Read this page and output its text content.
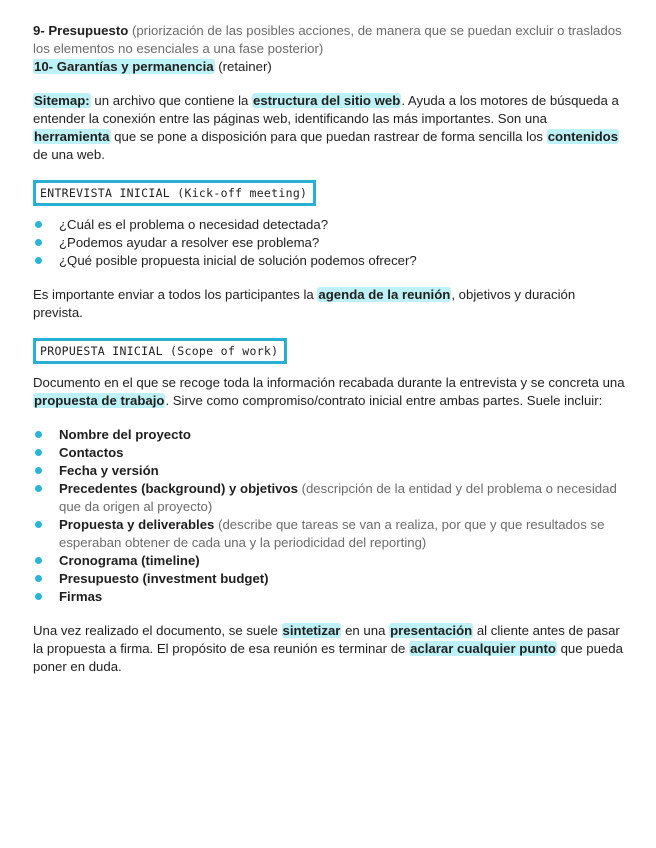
9- Presupuesto (priorización de las posibles acciones, de manera que se puedan excluir o traslados los elementos no esenciales a una fase posterior)

10- Garantías y permanencia (retainer)

Sitemap: un archivo que contiene la estructura del sitio web. Ayuda a los motores de búsqueda a entender la conexión entre las páginas web, identificando las más importantes. Son una herramienta que se pone a disposición para que puedan rastrear de forma sencilla los contenidos de una web.

ENTREVISTA INICIAL (Kick-off meeting)
¿Cuál es el problema o necesidad detectada?
¿Podemos ayudar a resolver ese problema?
¿Qué posible propuesta inicial de solución podemos ofrecer?

Es importante enviar a todos los participantes la agenda de la reunión, objetivos y duración prevista.

PROPUESTA INICIAL (Scope of work)

Documento en el que se recoge toda la información recabada durante la entrevista y se concreta una propuesta de trabajo. Sirve como compromiso/contrato inicial entre ambas partes. Suele incluir:

Nombre del proyecto
Contactos
Fecha y versión
Precedentes (background) y objetivos (descripción de la entidad y del problema o necesidad que da origen al proyecto)
Propuesta y deliverables (describe que tareas se van a realiza, por que y que resultados se esperaban obtener de cada una y la periodicidad del reporting)
Cronograma (timeline)
Presupuesto (investment budget)
Firmas

Una vez realizado el documento, se suele sintetizar en una presentación al cliente antes de pasar la propuesta a firma. El propósito de esa reunión es terminar de aclarar cualquier punto que pueda poner en duda.
